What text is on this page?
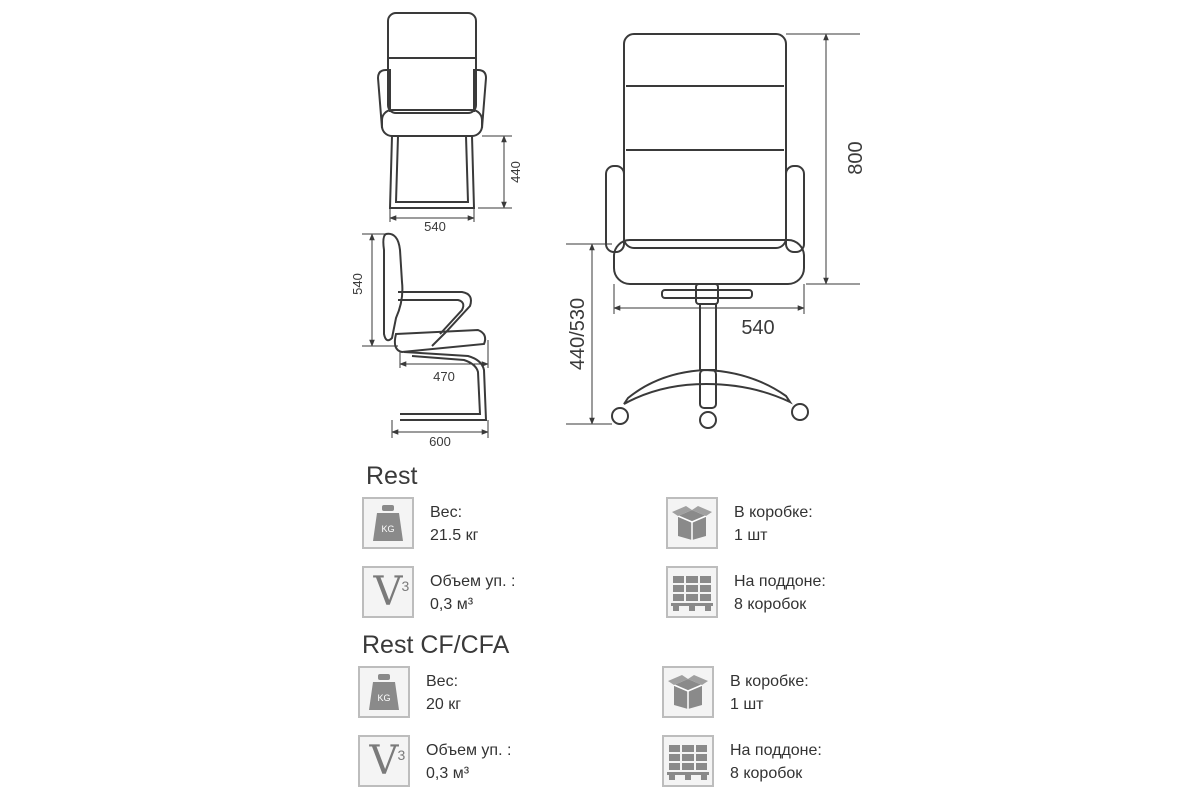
540
440
540
470
600
800
540
440/530
Rest
KG
Вес:
21.5 кг
V 3 Объем уп. :
0,3 м³
В коробке:
1 шт
На поддоне:
8 коробок
Rest CF/CFA
KG
Вес:
20 кг
V 3 Объем уп. :
0,3 м³
В коробке:
1 шт
На поддоне:
8 коробок
